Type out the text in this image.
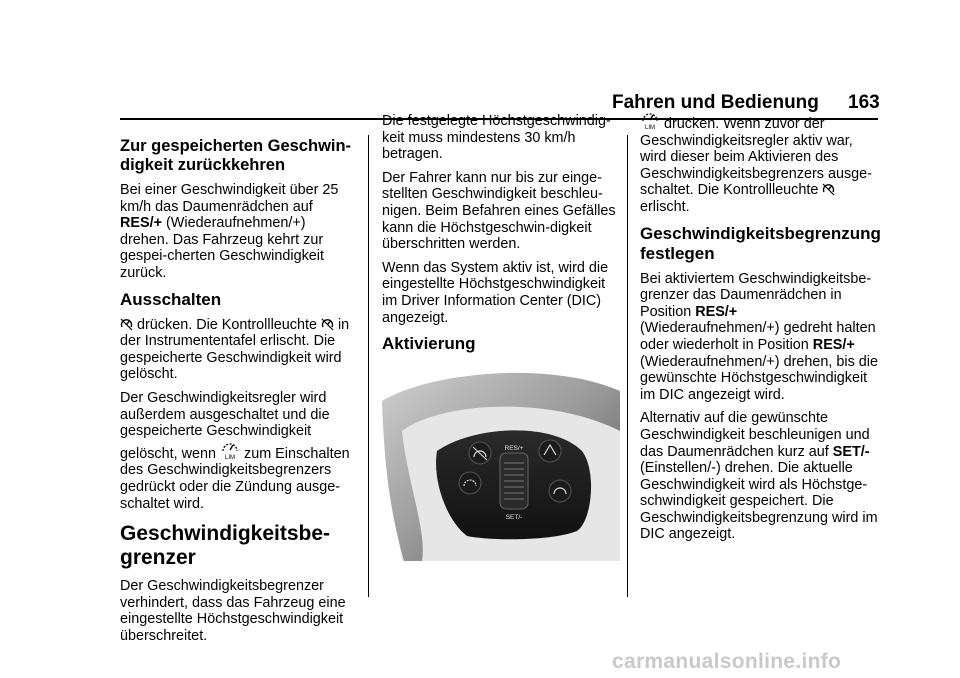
Fahren und Bedienung 163
Zur gespeicherten Geschwin-digkeit zurückkehren

Bei einer Geschwindigkeit über 25 km/h das Daumenrädchen auf RES/+ (Wiederaufnehmen/+) drehen. Das Fahrzeug kehrt zur gespei-cherten Geschwindigkeit zurück.

Ausschalten

drücken. Die Kontrollleuchte  in der Instrumententafel erlischt. Die gespeicherte Geschwindigkeit wird gelöscht.

Der Geschwindigkeitsregler wird außerdem ausgeschaltet und die gespeicherte Geschwindigkeit gelöscht, wenn LIM zum Einschalten des Geschwindigkeitsbegrenzers gedrückt oder die Zündung ausge-schaltet wird.

Geschwindigkeitsbe-grenzer

Der Geschwindigkeitsbegrenzer verhindert, dass das Fahrzeug eine eingestellte Höchstgeschwindigkeit überschreitet.

Die festgelegte Höchstgeschwindig-keit muss mindestens 30 km/h betragen.

Der Fahrer kann nur bis zur einge-stellten Geschwindigkeit beschleu-nigen. Beim Befahren eines Gefälles kann die Höchstgeschwin-digkeit überschritten werden.

Wenn das System aktiv ist, wird die eingestellte Höchstgeschwindigkeit im Driver Information Center (DIC) angezeigt.

Aktivierung
RES/+
SET/-

LIM drücken. Wenn zuvor der Geschwindigkeitsregler aktiv war, wird dieser beim Aktivieren des Geschwindigkeitsbegrenzers ausge-schaltet. Die Kontrollleuchte  erlischt.

Geschwindigkeitsbegrenzung festlegen

Bei aktiviertem Geschwindigkeitsbe-grenzer das Daumenrädchen in Position RES/+ (Wiederaufnehmen/+) gedreht halten oder wiederholt in Position RES/+ (Wiederaufnehmen/+) drehen, bis die gewünschte Höchstgeschwindigkeit im DIC angezeigt wird.

Alternativ auf die gewünschte Geschwindigkeit beschleunigen und das Daumenrädchen kurz auf SET/- (Einstellen/-) drehen. Die aktuelle Geschwindigkeit wird als Höchstge-schwindigkeit gespeichert. Die Geschwindigkeitsbegrenzung wird im DIC angezeigt.

carmanualsonline.info
